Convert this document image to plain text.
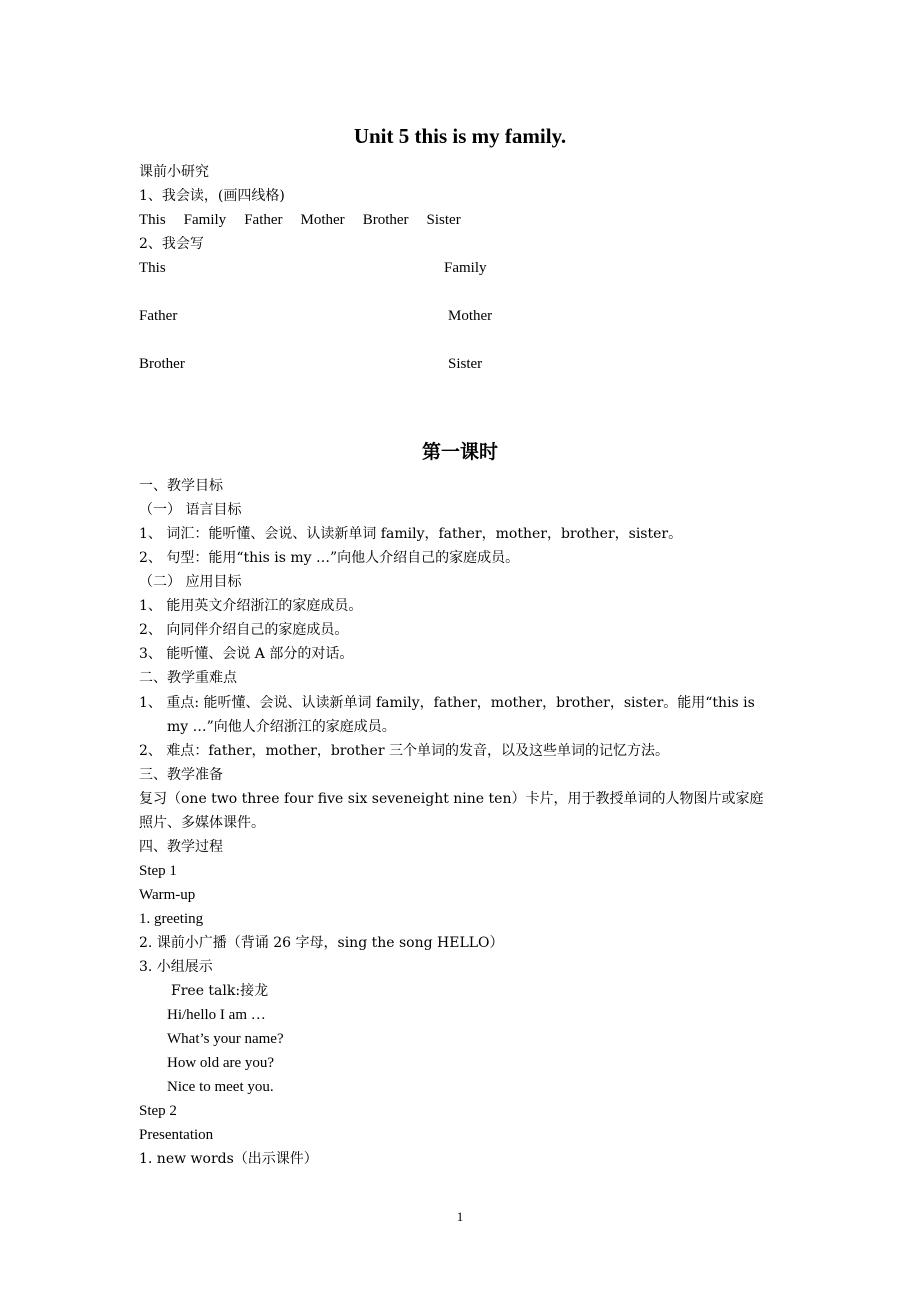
Unit 5 this is my family.
课前小研究
1、我会读，(画四线格)
This Family Father Mother Brother Sister
2、我会写
This	Family
Father	Mother
Brother	Sister
第一课时
一、教学目标
（一） 语言目标
1、 词汇：能听懂、会说、认读新单词 family，father，mother，brother，sister。
2、 句型：能用“this is my …”向他人介绍自己的家庭成员。
（二） 应用目标
1、 能用英文介绍浙江的家庭成员。
2、 向同伴介绍自己的家庭成员。
3、 能听懂、会说 A 部分的对话。
二、教学重难点
1、 重点: 能听懂、会说、认读新单词 family，father，mother，brother，sister。能用“this is
my …”向他人介绍浙江的家庭成员。
2、 难点：father，mother，brother 三个单词的发音，以及这些单词的记忆方法。
三、教学准备
复习（one two three four five six seveneight nine ten）卡片，用于教授单词的人物图片或家庭
照片、多媒体课件。
四、教学过程
Step 1
Warm-up
1. greeting
2. 课前小广播（背诵 26 字母，sing the song HELLO）
3. 小组展示
Free talk:接龙
Hi/hello I am …
What’s your name?
How old are you?
Nice to meet you.
Step 2
Presentation
1. new words（出示课件）
1
